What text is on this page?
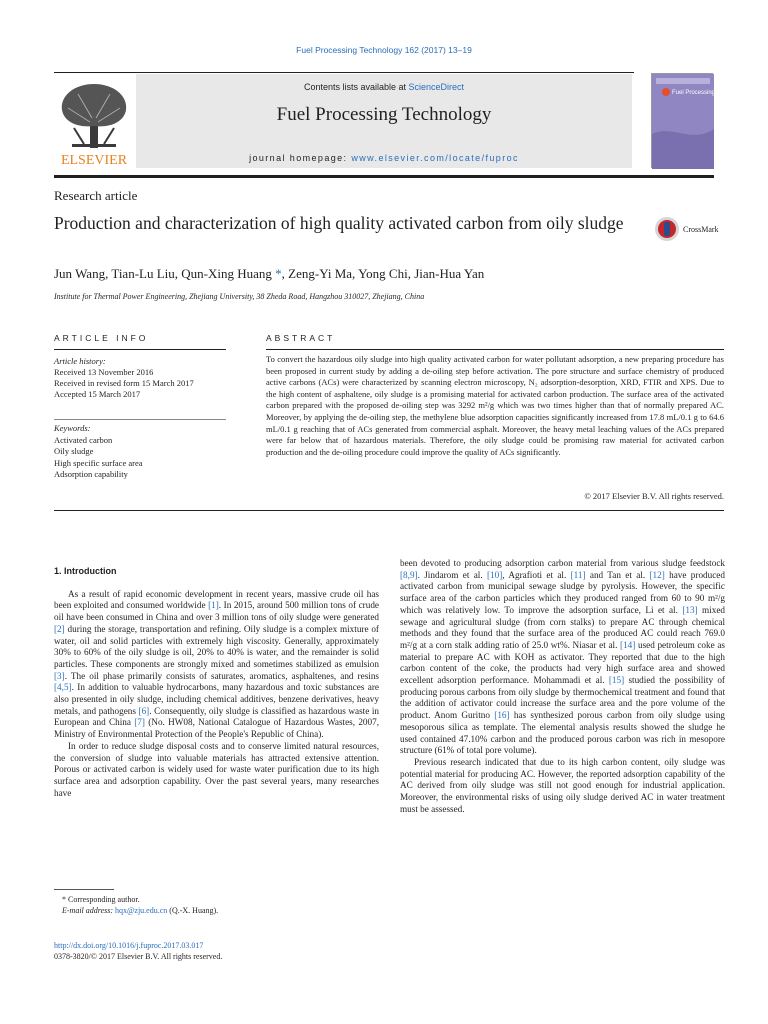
Fuel Processing Technology 162 (2017) 13–19
ELSEVIER
Contents lists available at ScienceDirect
Fuel Processing Technology
journal homepage: www.elsevier.com/locate/fuproc
Fuel Processing Technology
Research article
Production and characterization of high quality activated carbon from oily sludge	CrossMark
Jun Wang, Tian-Lu Liu, Qun-Xing Huang *, Zeng-Yi Ma, Yong Chi, Jian-Hua Yan
Institute for Thermal Power Engineering, Zhejiang University, 38 Zheda Road, Hangzhou 310027, Zhejiang, China
ARTICLE INFO	ABSTRACT
Article history:
Received 13 November 2016
Received in revised form 15 March 2017
Accepted 15 March 2017
Keywords:
Activated carbon
Oily sludge
High specific surface area
Adsorption capability
To convert the hazardous oily sludge into high quality activated carbon for water pollutant adsorption, a new preparing procedure has been proposed in current study by adding a de-oiling step before activation. The pore structure and surface chemistry of produced active carbons (ACs) were characterized by scanning electron microscopy, N₂ adsorption-desorption, XRD, FTIR and XPS. Due to the high content of asphaltene, oily sludge is a promising material for activated carbon production. The surface area of the activated carbon prepared with the proposed de-oiling step was 3292 m²/g which was two times higher than that of normally prepared AC. Moreover, by applying the de-oiling step, the methylene blue adsorption capacities significantly increased from 17.8 mL/0.1 g to 64.6 mL/0.1 g reaching that of ACs generated from commercial asphalt. Moreover, the heavy metal leaching values of the ACs prepared were far below that of hazardous materials. Therefore, the oily sludge could be promising raw material for activated carbon production and the de-oiling procedure could improve the quality of ACs significantly.
© 2017 Elsevier B.V. All rights reserved.
1. Introduction

As a result of rapid economic development in recent years, massive crude oil has been exploited and consumed worldwide [1]. In 2015, around 500 million tons of crude oil have been consumed in China and over 3 million tons of oily sludge were generated [2] during the storage, transportation and refining. Oily sludge is a complex mixture of water, oil and solid particles with extremely high viscosity. Generally, approximately 30% to 60% of the oily sludge is oil, 20% to 40% is water, and the remainder is solid particles. These components are strongly mixed and sometimes stabilized as emulsion [3]. The oil phase primarily consists of saturates, aromatics, asphaltenes, and resins [4,5]. In addition to valuable hydrocarbons, many hazardous and toxic substances are also presented in oily sludge, including chemical additives, benzene derivatives, heavy metals, and pathogens [6]. Consequently, oily sludge is classified as hazardous waste in European and China [7] (No. HW08, National Catalogue of Hazardous Wastes, 2007, Ministry of Environmental Protection of the People's Republic of China).

In order to reduce sludge disposal costs and to conserve limited natural resources, the conversion of sludge into valuable materials has attracted extensive attention. Porous or activated carbon is widely used for waste water purification due to its high surface area and adsorption capability. Over the past several years, many researches have

been devoted to producing adsorption carbon material from various sludge feedstock [8,9]. Jindarom et al. [10], Agrafioti et al. [11] and Tan et al. [12] have produced activated carbon from municipal sewage sludge by pyrolysis. However, the specific surface area of the carbon particles which they produced ranged from 60 to 90 m²/g which was relatively low. To improve the adsorption surface, Li et al. [13] mixed sewage and agricultural sludge (from corn stalks) to prepare AC through chemical methods and they found that the surface area of the produced AC could reach 769.0 m²/g at a corn stalk adding ratio of 25.0 wt%. Niasar et al. [14] used petroleum coke as material to prepare AC with KOH as activator. They reported that due to the high carbon content of the coke, the products had very high surface area and showed excellent adsorption performance. Mohammadi et al. [15] studied the possibility of producing porous carbons from oily sludge by thermochemical treatment and found that the addition of activator could increase the surface area and the pore volume of the product. Anom Guritno [16] has synthesized porous carbon from oily sludge using mesoporous silica as template. The elemental analysis results showed the sludge he used contained 47.10% carbon and the produced porous carbon was rich in mesopore structure (61% of total pore volume).

Previous research indicated that due to its high carbon content, oily sludge was potential material for producing AC. However, the reported adsorption capability of the AC derived from oily sludge was still not good enough for industrial application. Moreover, the environmental risks of using oily sludge derived AC in water treatment must be assessed.

* Corresponding author.
E-mail address: hqx@zju.edu.cn (Q.-X. Huang).
http://dx.doi.org/10.1016/j.fuproc.2017.03.017
0378-3820/© 2017 Elsevier B.V. All rights reserved.
